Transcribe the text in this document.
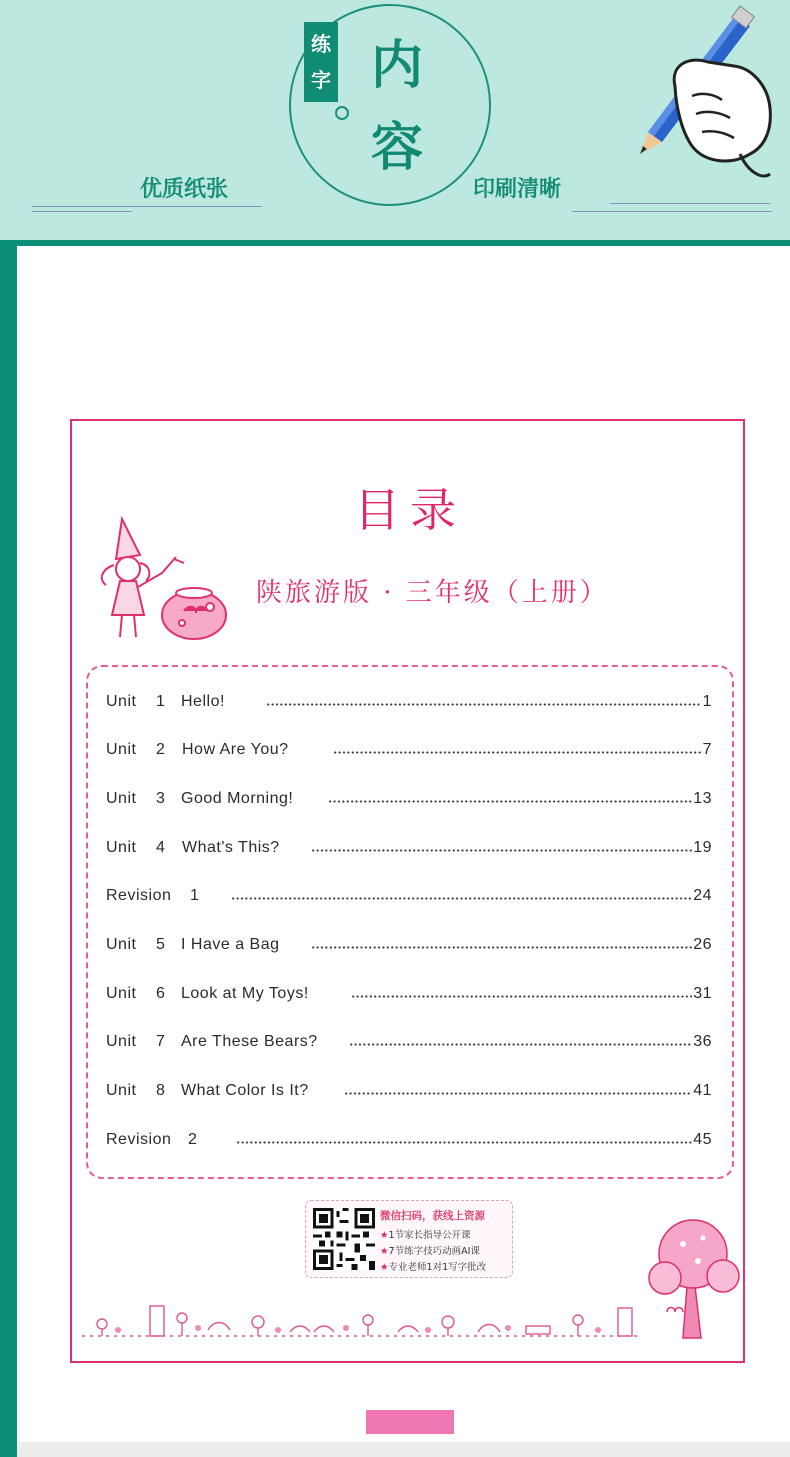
练
字 内
容
优质纸张	印刷清晰
目录
陕旅游版 · 三年级（上册）
Unit 1 Hello!	1
Unit 2 How Are You?	7
Unit 3 Good Morning!	13
Unit 4 What's This?	19
Revision 1	24
Unit 5 I Have a Bag	26
Unit 6 Look at My Toys!	31
Unit 7 Are These Bears?	36
Unit 8 What Color Is It?	41
Revision 2	45
微信扫码，获线上资源
★1节家长指导公开课
★7节练字技巧动画AI课
★专业老师1对1写字批改
